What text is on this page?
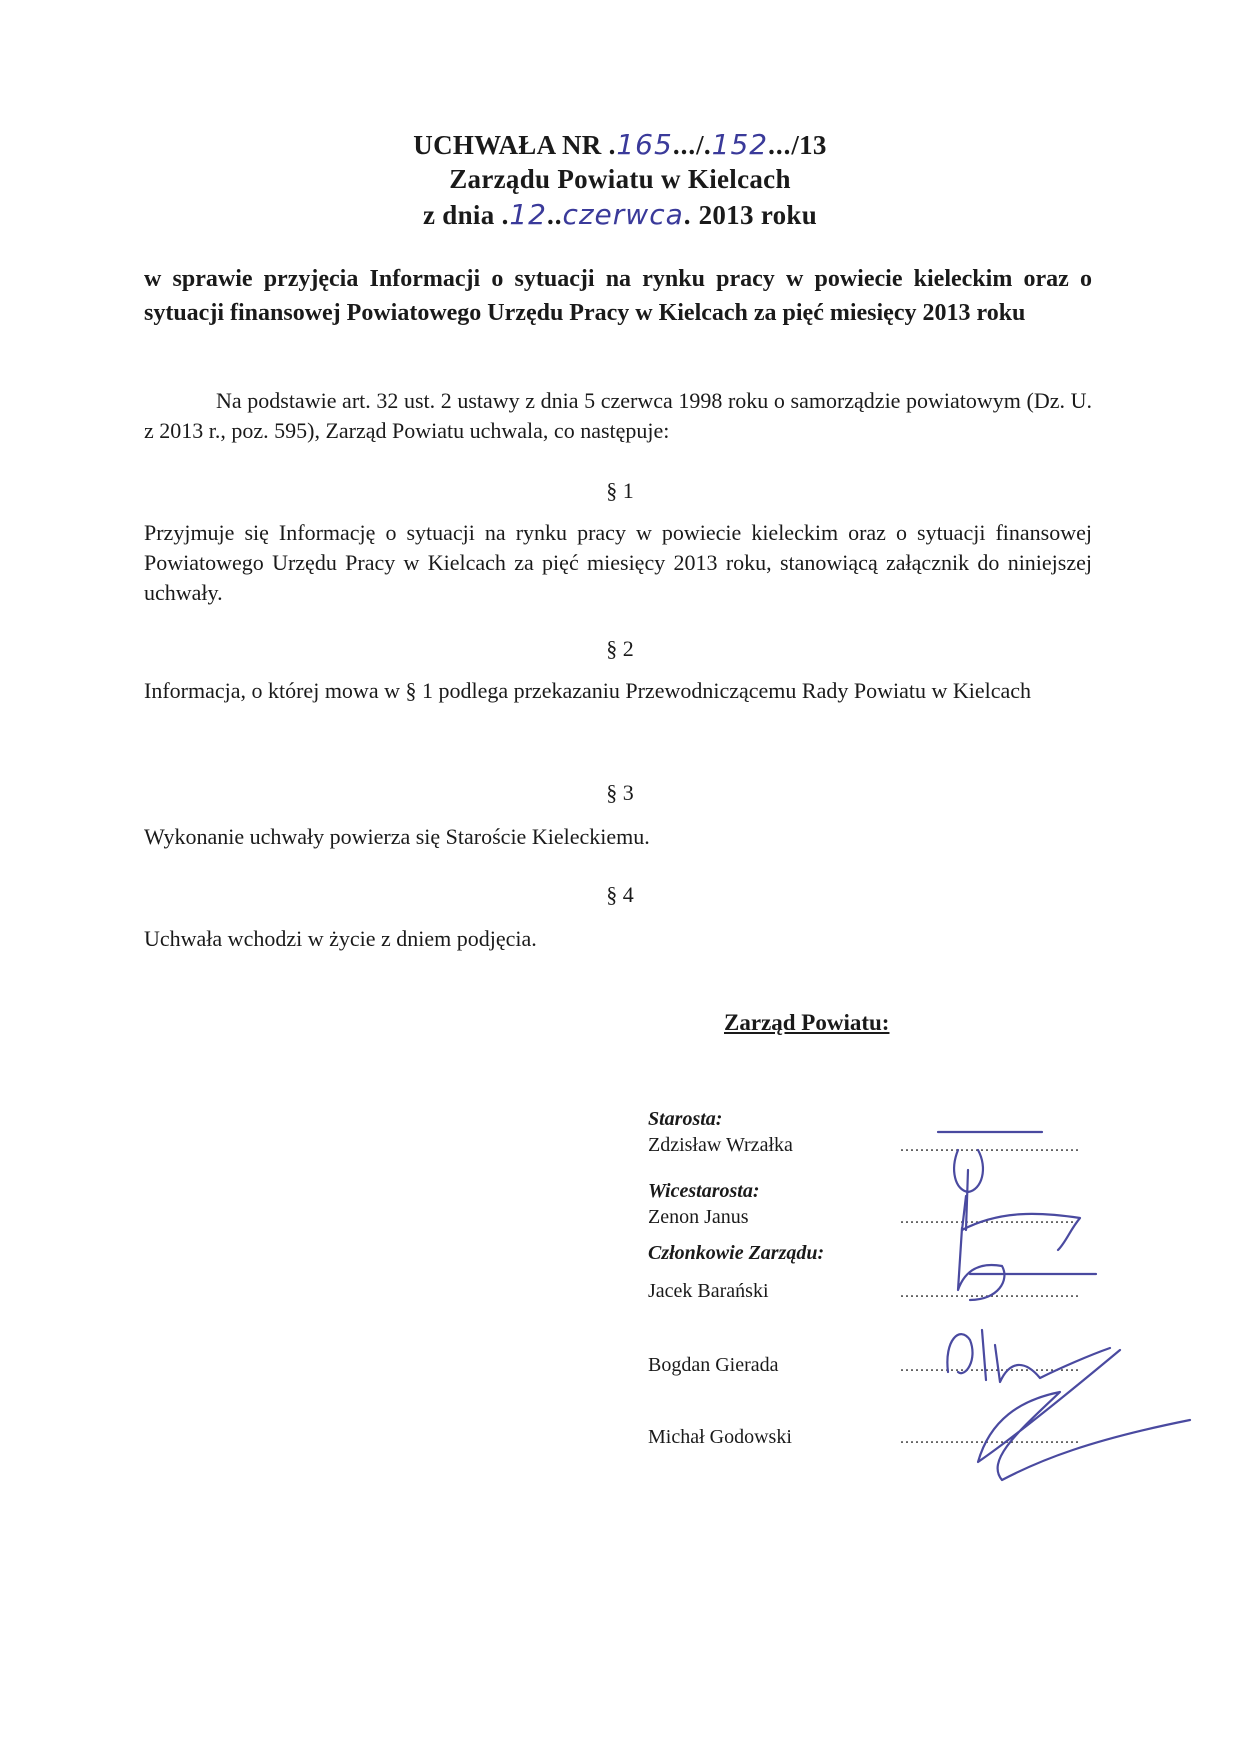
UCHWAŁA NR .165.../.152.../13
Zarządu Powiatu w Kielcach
z dnia .12..czerwca. 2013 roku
w sprawie przyjęcia Informacji o sytuacji na rynku pracy w powiecie kieleckim oraz o sytuacji finansowej Powiatowego Urzędu Pracy w Kielcach za pięć miesięcy 2013 roku
Na podstawie art. 32 ust. 2 ustawy z dnia 5 czerwca 1998 roku o samorządzie powiatowym (Dz. U. z 2013 r., poz. 595), Zarząd Powiatu uchwala, co następuje:
§ 1
Przyjmuje się Informację o sytuacji na rynku pracy w powiecie kieleckim oraz o sytuacji finansowej Powiatowego Urzędu Pracy w Kielcach za pięć miesięcy 2013 roku, stanowiącą załącznik do niniejszej uchwały.
§ 2
Informacja, o której mowa w § 1 podlega przekazaniu Przewodniczącemu Rady Powiatu w Kielcach
§ 3
Wykonanie uchwały powierza się Staroście Kieleckiemu.
§ 4
Uchwała wchodzi w życie z dniem podjęcia.
Zarząd Powiatu:
Starosta:
Zdzisław Wrzałka	....................................
Wicestarosta:
Zenon Janus	....................................
Członkowie Zarządu:
Jacek Barański	....................................
Bogdan Gierada	....................................
Michał Godowski	....................................
